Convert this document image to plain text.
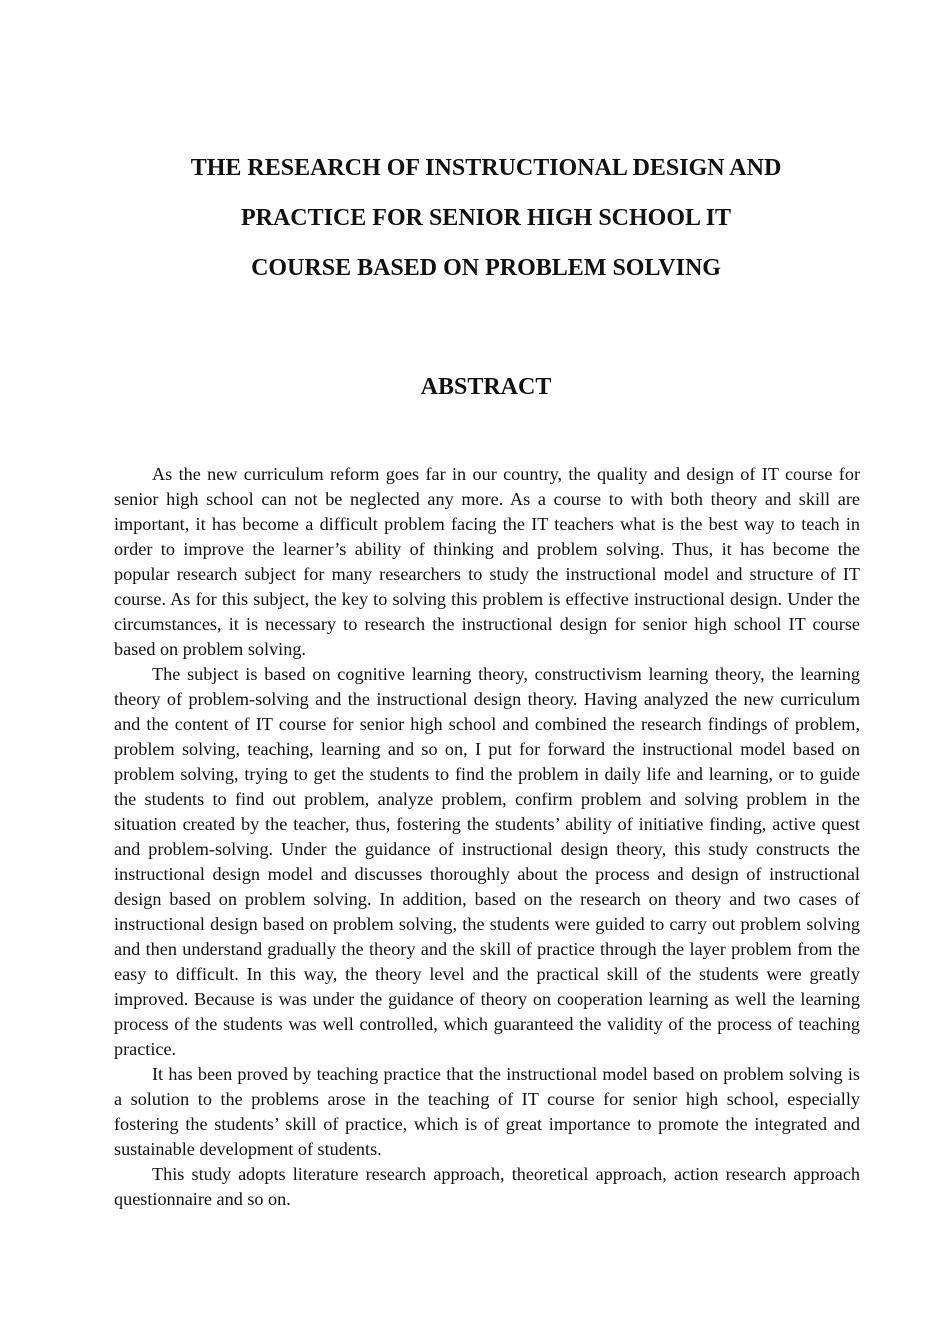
THE RESEARCH OF INSTRUCTIONAL DESIGN AND
PRACTICE FOR SENIOR HIGH SCHOOL IT
COURSE BASED ON PROBLEM SOLVING
ABSTRACT

As the new curriculum reform goes far in our country, the quality and design of IT course for senior high school can not be neglected any more. As a course to with both theory and skill are important, it has become a difficult problem facing the IT teachers what is the best way to teach in order to improve the learner’s ability of thinking and problem solving. Thus, it has become the popular research subject for many researchers to study the instructional model and structure of IT course. As for this subject, the key to solving this problem is effective instructional design. Under the circumstances, it is necessary to research the instructional design for senior high school IT course based on problem solving.

The subject is based on cognitive learning theory, constructivism learning theory, the learning theory of problem-solving and the instructional design theory. Having analyzed the new curriculum and the content of IT course for senior high school and combined the research findings of problem, problem solving, teaching, learning and so on, I put for forward the instructional model based on problem solving, trying to get the students to find the problem in daily life and learning, or to guide the students to find out problem, analyze problem, confirm problem and solving problem in the situation created by the teacher, thus, fostering the students’ ability of initiative finding, active quest and problem-solving. Under the guidance of instructional design theory, this study constructs the instructional design model and discusses thoroughly about the process and design of instructional design based on problem solving. In addition, based on the research on theory and two cases of instructional design based on problem solving, the students were guided to carry out problem solving and then understand gradually the theory and the skill of practice through the layer problem from the easy to difficult. In this way, the theory level and the practical skill of the students were greatly improved. Because is was under the guidance of theory on cooperation learning as well the learning process of the students was well controlled, which guaranteed the validity of the process of teaching practice.

It has been proved by teaching practice that the instructional model based on problem solving is a solution to the problems arose in the teaching of IT course for senior high school, especially fostering the students’ skill of practice, which is of great importance to promote the integrated and sustainable development of students.

This study adopts literature research approach, theoretical approach, action research approach questionnaire and so on.
